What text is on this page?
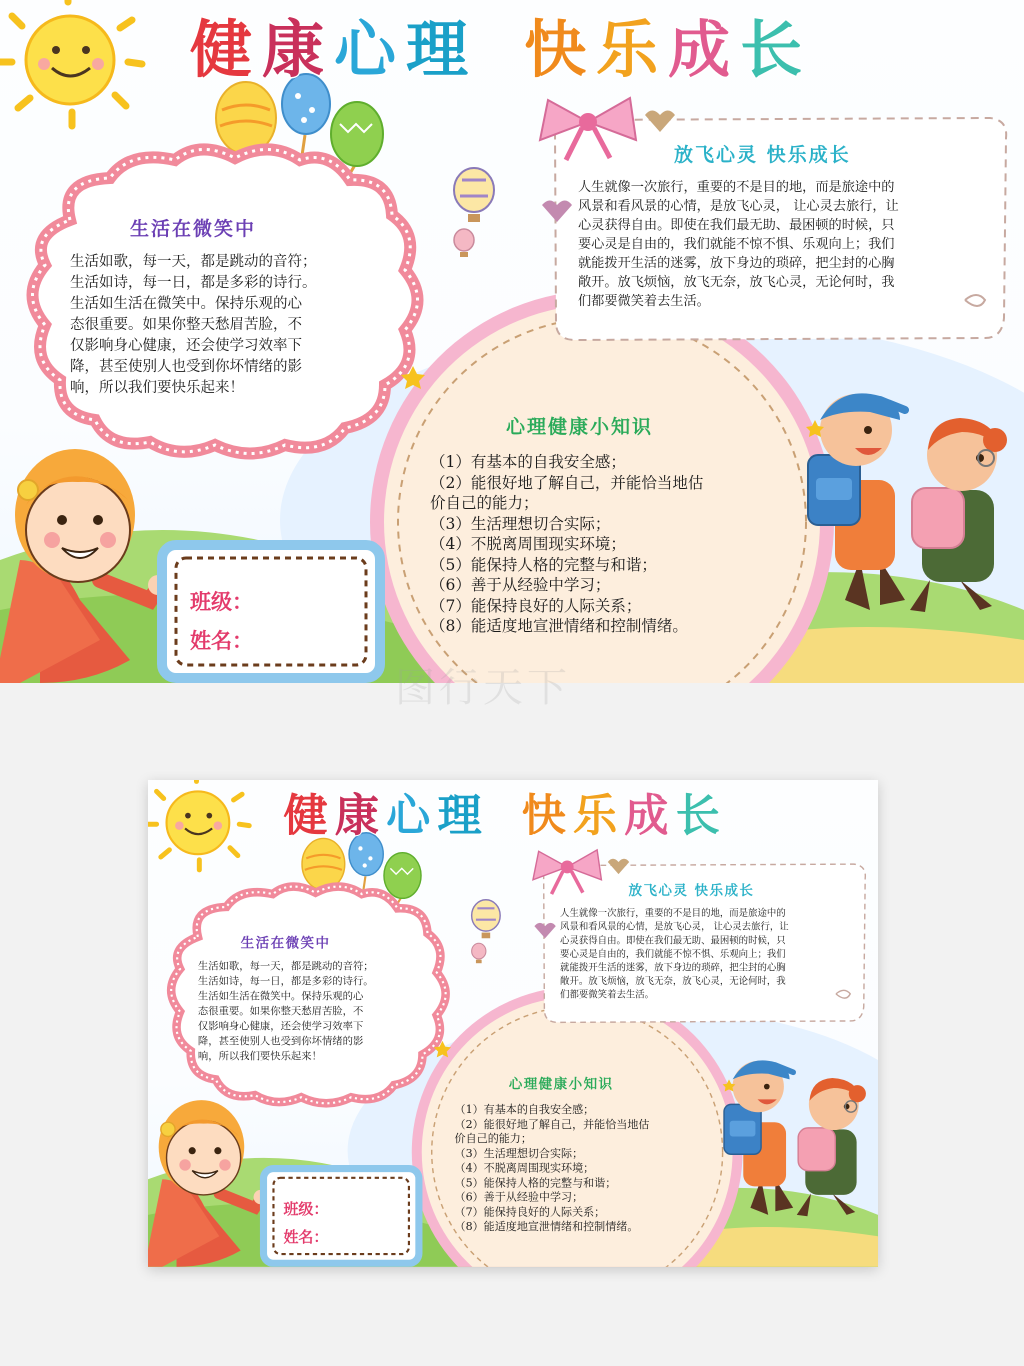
健 康 心 理 快 乐 成 长
生活在微笑中
生活如歌，每一天，都是跳动的音符；
生活如诗，每一日，都是多彩的诗行。
生活如生活在微笑中。保持乐观的心
态很重要。如果你整天愁眉苦脸，不
仅影响身心健康，还会使学习效率下
降，甚至使别人也受到你坏情绪的影
响，所以我们要快乐起来！
放飞心灵 快乐成长
人生就像一次旅行，重要的不是目的地，而是旅途中的
风景和看风景的心情，是放飞心灵， 让心灵去旅行，让
心灵获得自由。即使在我们最无助、最困顿的时候，只
要心灵是自由的，我们就能不惊不惧、乐观向上；我们
就能拨开生活的迷雾，放下身边的琐碎，把尘封的心胸
敞开。放飞烦恼，放飞无奈，放飞心灵，无论何时，我
们都要微笑着去生活。
心理健康小知识
（1）有基本的自我安全感；
（2）能很好地了解自己，并能恰当地估
价自己的能力；
（3）生活理想切合实际；
（4）不脱离周围现实环境；
（5）能保持人格的完整与和谐；
（6）善于从经验中学习；
（7）能保持良好的人际关系；
（8）能适度地宣泄情绪和控制情绪。
班级：
姓名：
图行天下
健 康 心 理 快 乐 成 长
生活在微笑中
生活如歌，每一天，都是跳动的音符；
生活如诗，每一日，都是多彩的诗行。
生活如生活在微笑中。保持乐观的心
态很重要。如果你整天愁眉苦脸，不
仅影响身心健康，还会使学习效率下
降，甚至使别人也受到你坏情绪的影
响，所以我们要快乐起来！
放飞心灵 快乐成长
人生就像一次旅行，重要的不是目的地，而是旅途中的
风景和看风景的心情，是放飞心灵， 让心灵去旅行，让
心灵获得自由。即使在我们最无助、最困顿的时候，只
要心灵是自由的，我们就能不惊不惧、乐观向上；我们
就能拨开生活的迷雾，放下身边的琐碎，把尘封的心胸
敞开。放飞烦恼，放飞无奈，放飞心灵，无论何时，我
们都要微笑着去生活。
心理健康小知识
（1）有基本的自我安全感；
（2）能很好地了解自己，并能恰当地估
价自己的能力；
（3）生活理想切合实际；
（4）不脱离周围现实环境；
（5）能保持人格的完整与和谐；
（6）善于从经验中学习；
（7）能保持良好的人际关系；
（8）能适度地宣泄情绪和控制情绪。
班级：
姓名：
